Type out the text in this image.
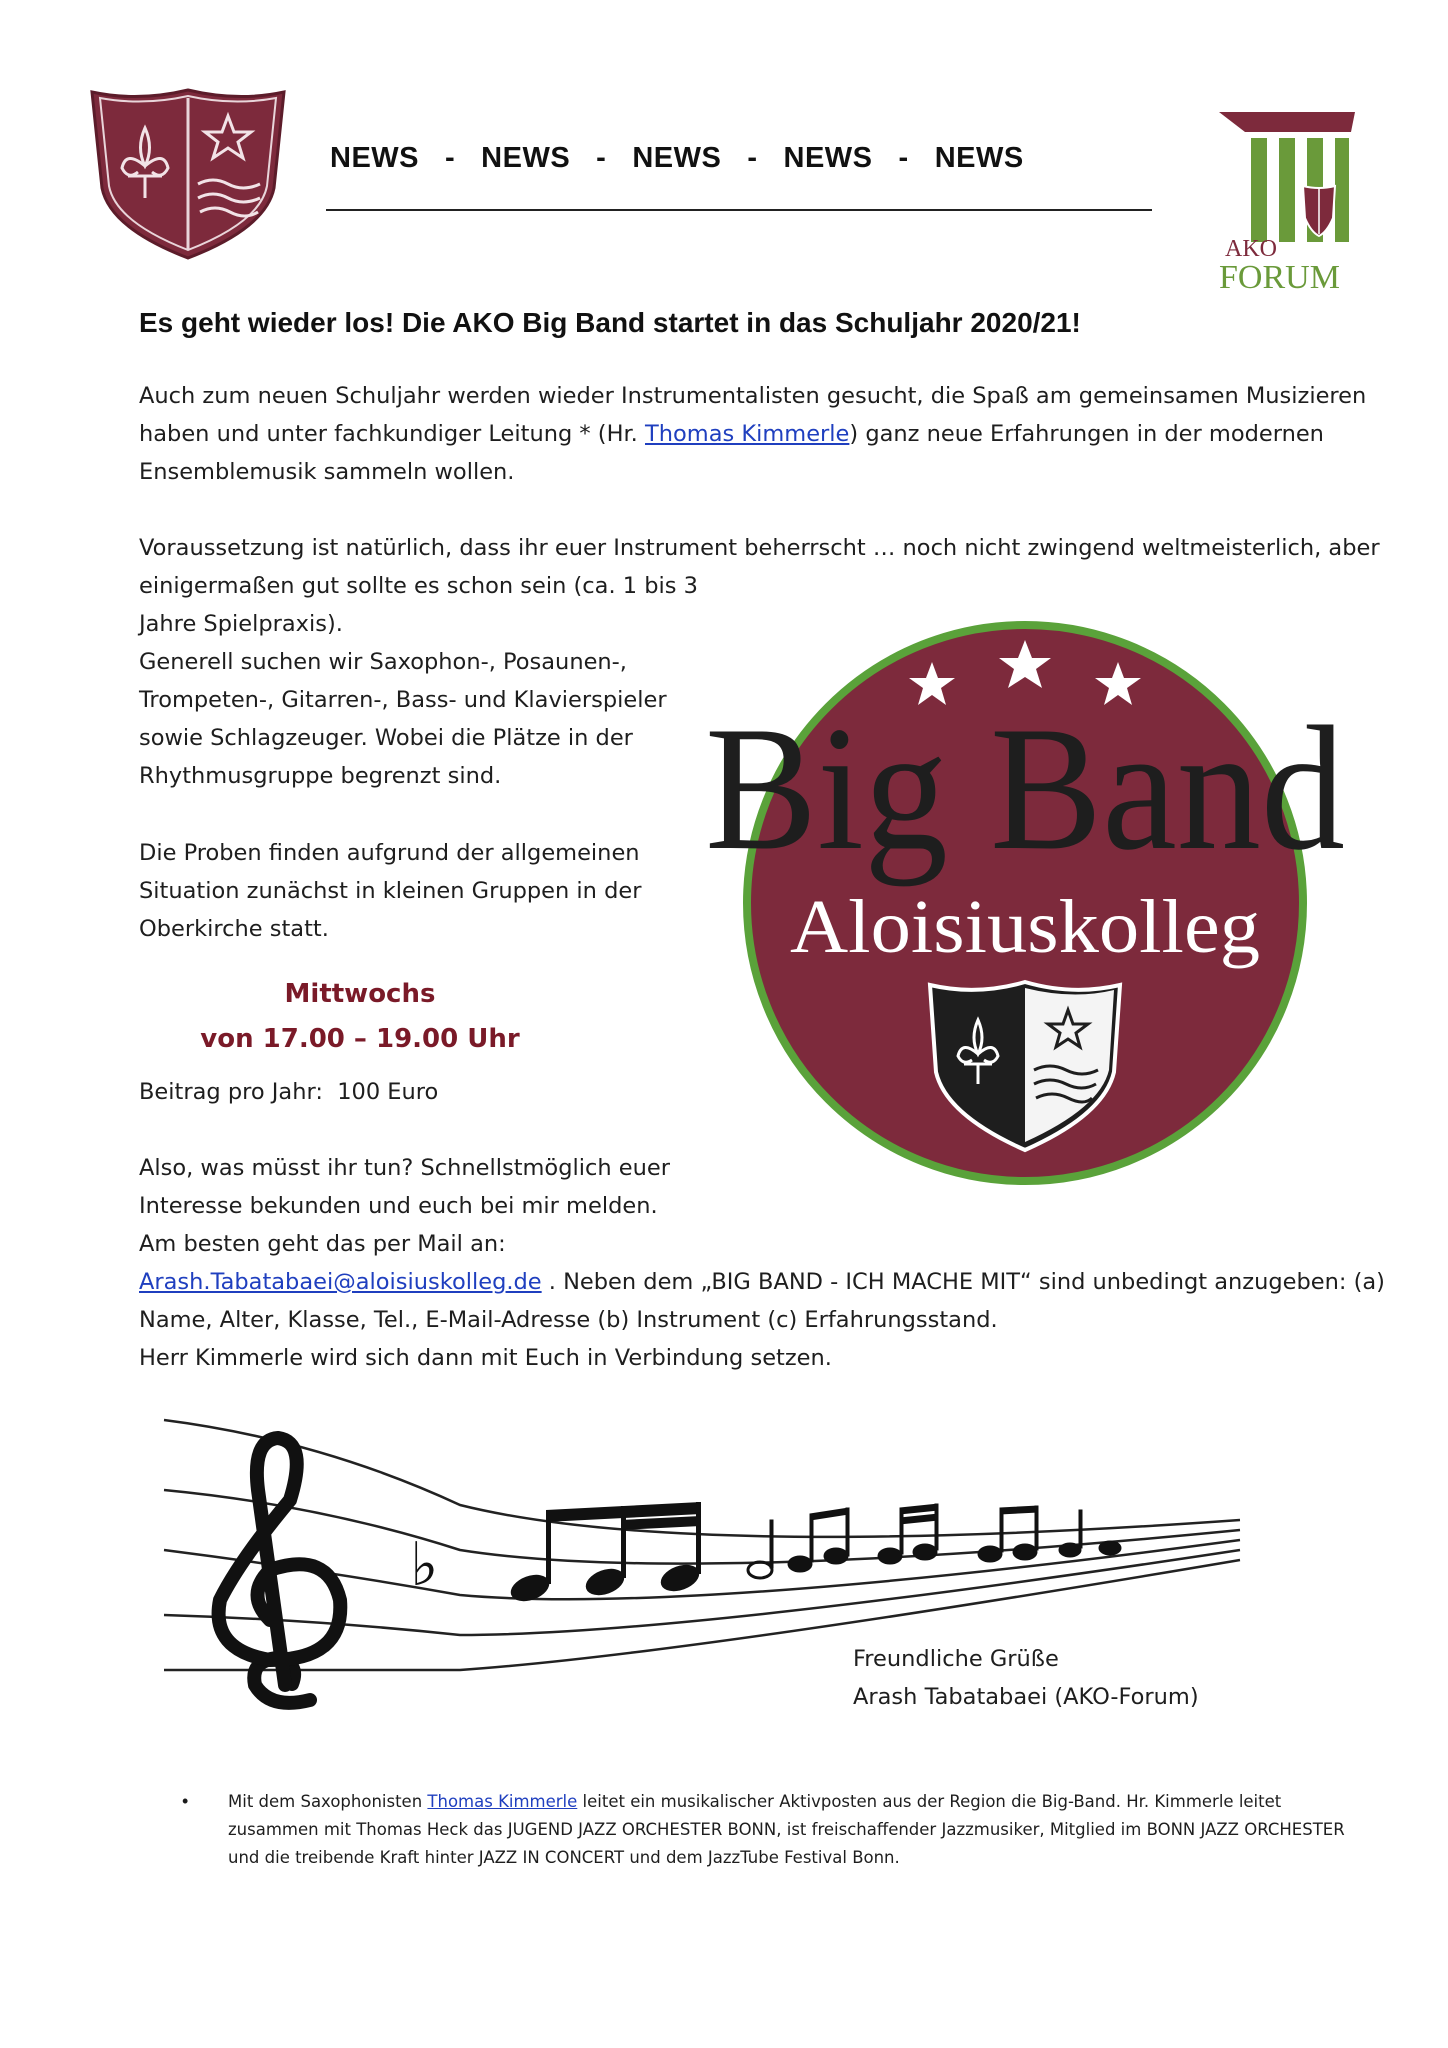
NEWS - NEWS - NEWS - NEWS - NEWS
AKO
FORUM
Es geht wieder los! Die AKO Big Band startet in das Schuljahr 2020/21!
Auch zum neuen Schuljahr werden wieder Instrumentalisten gesucht, die Spaß am gemeinsamen Musizieren haben und unter fachkundiger Leitung * (Hr. Thomas Kimmerle) ganz neue Erfahrungen in der modernen Ensemblemusik sammeln wollen.
Voraussetzung ist natürlich, dass ihr euer Instrument beherrscht … noch nicht zwingend weltmeisterlich, aber
einigermaßen gut sollte es schon sein (ca. 1 bis 3 Jahre Spielpraxis).
Generell suchen wir Saxophon-, Posaunen-, Trompeten-, Gitarren-, Bass- und Klavierspieler sowie Schlagzeuger. Wobei die Plätze in der Rhythmusgruppe begrenzt sind.
Die Proben finden aufgrund der allgemeinen Situation zunächst in kleinen Gruppen in der Oberkirche statt.
Mittwochs
von 17.00 – 19.00 Uhr
Beitrag pro Jahr:  100 Euro
Big Band
Aloisiuskolleg
Also, was müsst ihr tun? Schnellstmöglich euer
Interesse bekunden und euch bei mir melden.
Am besten geht das per Mail an:
Arash.Tabatabaei@aloisiuskolleg.de . Neben dem „BIG BAND - ICH MACHE MIT“ sind unbedingt anzugeben: (a)
Name, Alter, Klasse, Tel., E-Mail-Adresse (b) Instrument (c) Erfahrungsstand.
Herr Kimmerle wird sich dann mit Euch in Verbindung setzen.
♭
Freundliche Grüße
Arash Tabatabaei (AKO-Forum)
• Mit dem Saxophonisten Thomas Kimmerle leitet ein musikalischer Aktivposten aus der Region die Big-Band. Hr. Kimmerle leitet zusammen mit Thomas Heck das JUGEND JAZZ ORCHESTER BONN, ist freischaffender Jazzmusiker, Mitglied im BONN JAZZ ORCHESTER und die treibende Kraft hinter JAZZ IN CONCERT und dem JazzTube Festival Bonn.
